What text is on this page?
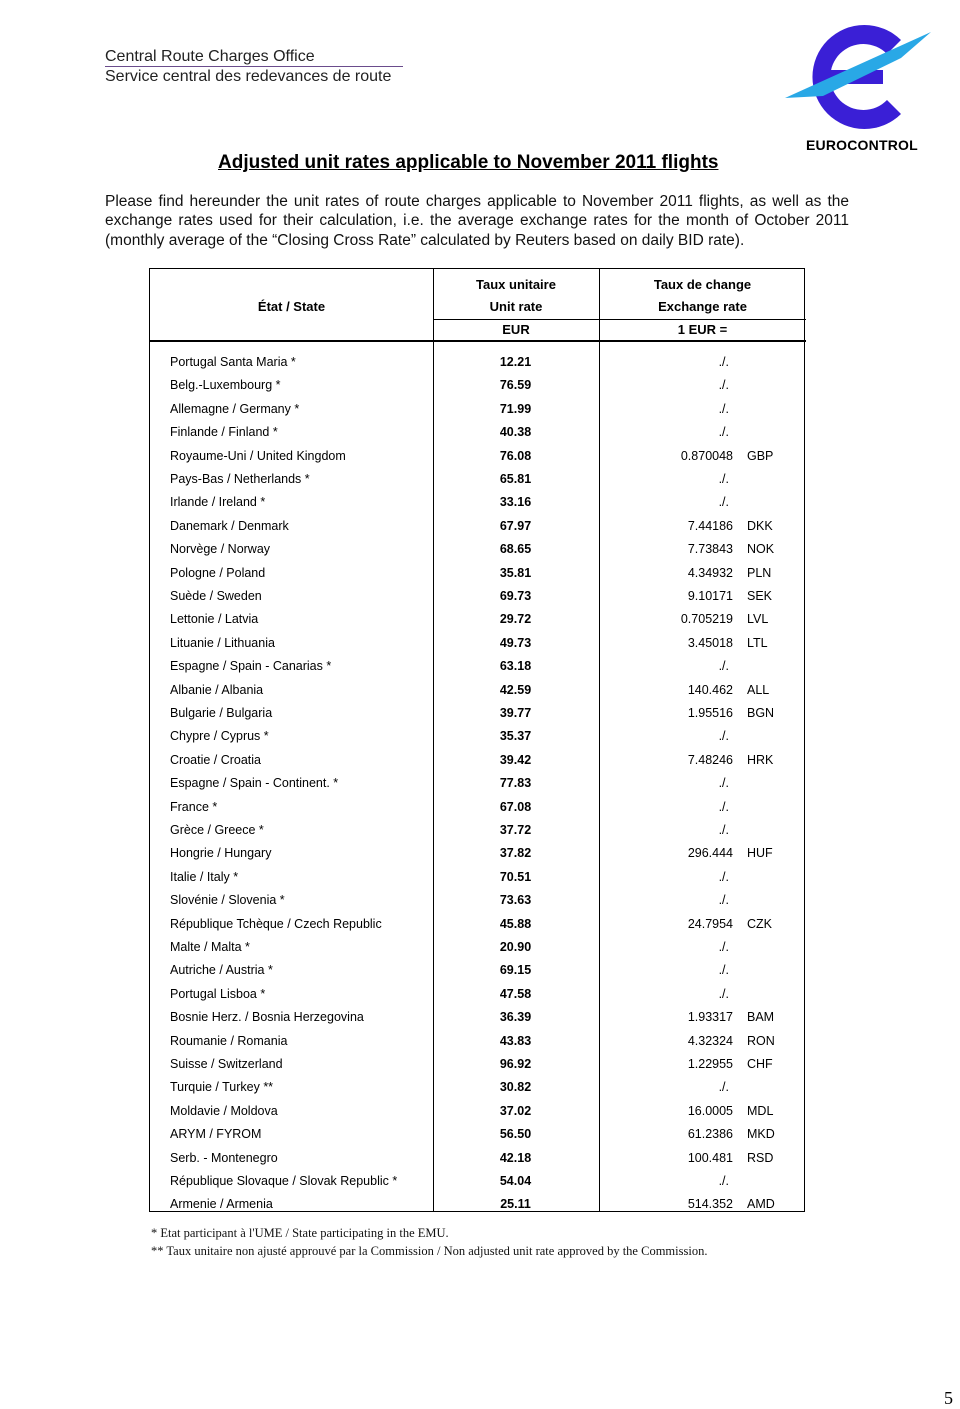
Central Route Charges Office
Service central des redevances de route
EUROCONTROL
Adjusted unit rates applicable to November 2011 flights
Please find hereunder the unit rates of route charges applicable to November 2011 flights, as well as the exchange rates used for their calculation, i.e. the average exchange rates for the month of October 2011 (monthly average of the “Closing Cross Rate” calculated by Reuters based on daily BID rate).
État / State
Taux unitaire
Unit rate
EUR
Taux de change
Exchange rate
1 EUR =
Portugal Santa Maria *	12.21	./.
Belg.-Luxembourg *	76.59	./.
Allemagne / Germany *	71.99	./.
Finlande / Finland *	40.38	./.
Royaume-Uni / United Kingdom	76.08	0.870048 GBP
Pays-Bas / Netherlands *	65.81	./.
Irlande / Ireland *	33.16	./.
Danemark / Denmark	67.97	7.44186 DKK
Norvège / Norway	68.65	7.73843 NOK
Pologne / Poland	35.81	4.34932 PLN
Suède / Sweden	69.73	9.10171 SEK
Lettonie / Latvia	29.72	0.705219 LVL
Lituanie / Lithuania	49.73	3.45018 LTL
Espagne / Spain - Canarias *	63.18	./.
Albanie / Albania	42.59	140.462 ALL
Bulgarie / Bulgaria	39.77	1.95516 BGN
Chypre / Cyprus *	35.37	./.
Croatie / Croatia	39.42	7.48246 HRK
Espagne / Spain - Continent. *	77.83	./.
France *	67.08	./.
Grèce / Greece *	37.72	./.
Hongrie / Hungary	37.82	296.444 HUF
Italie / Italy *	70.51	./.
Slovénie / Slovenia *	73.63	./.
République Tchèque / Czech Republic	45.88	24.7954 CZK
Malte / Malta *	20.90	./.
Autriche / Austria *	69.15	./.
Portugal Lisboa *	47.58	./.
Bosnie Herz. / Bosnia Herzegovina	36.39	1.93317 BAM
Roumanie / Romania	43.83	4.32324 RON
Suisse / Switzerland	96.92	1.22955 CHF
Turquie / Turkey **	30.82	./.
Moldavie / Moldova	37.02	16.0005 MDL
ARYM / FYROM	56.50	61.2386 MKD
Serb. - Montenegro	42.18	100.481 RSD
République Slovaque / Slovak Republic *	54.04	./.
Armenie / Armenia	25.11	514.352 AMD
* Etat participant à l'UME / State participating in the EMU.
** Taux unitaire non ajusté approuvé par la Commission / Non adjusted unit rate approved by the Commission.
5
